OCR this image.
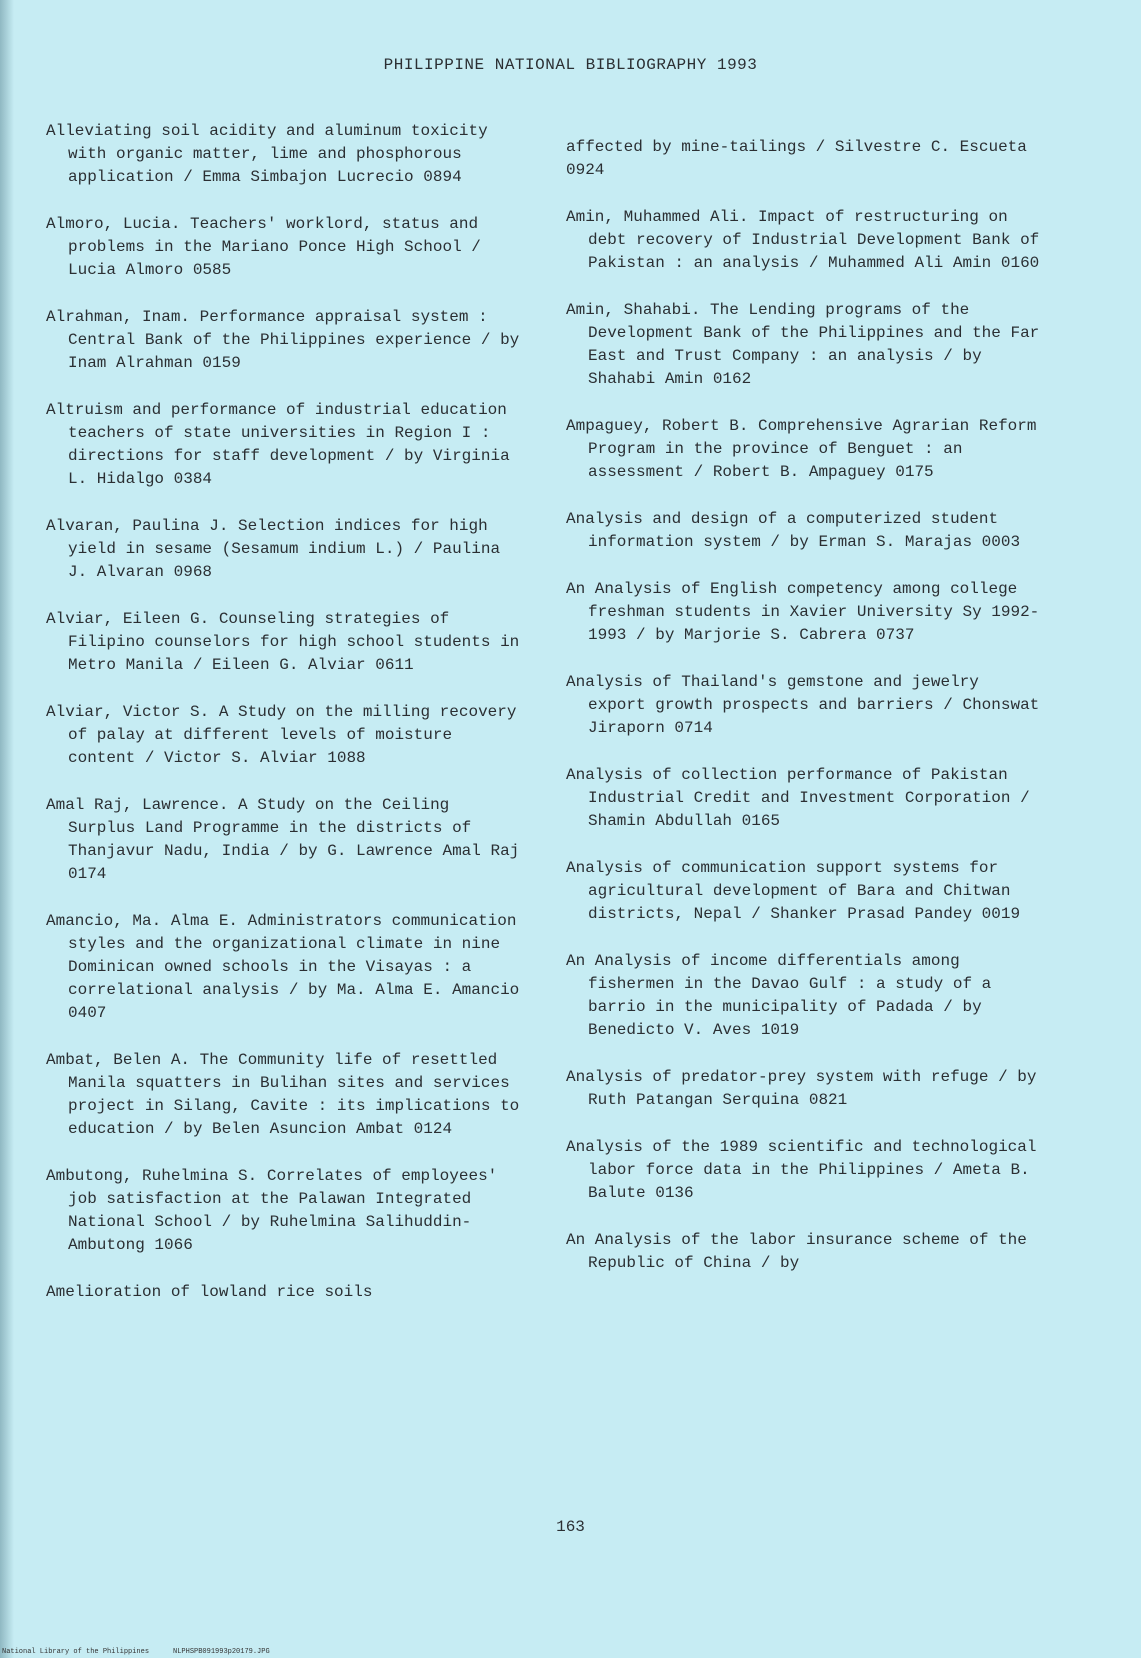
PHILIPPINE NATIONAL BIBLIOGRAPHY 1993

Alleviating soil acidity and aluminum toxicity with organic matter, lime and phosphorous application / Emma Simbajon Lucrecio 0894

Almoro, Lucia. Teachers' worklord, status and problems in the Mariano Ponce High School / Lucia Almoro 0585

Alrahman, Inam. Performance appraisal system : Central Bank of the Philippines experience / by Inam Alrahman 0159

Altruism and performance of industrial education teachers of state universities in Region I : directions for staff development / by Virginia L. Hidalgo 0384

Alvaran, Paulina J. Selection indices for high yield in sesame (Sesamum indium L.) / Paulina J. Alvaran 0968

Alviar, Eileen G. Counseling strategies of Filipino counselors for high school students in Metro Manila / Eileen G. Alviar 0611

Alviar, Victor S. A Study on the milling recovery of palay at different levels of moisture content / Victor S. Alviar 1088

Amal Raj, Lawrence. A Study on the Ceiling Surplus Land Programme in the districts of Thanjavur Nadu, India / by G. Lawrence Amal Raj 0174

Amancio, Ma. Alma E. Administrators communication styles and the organizational climate in nine Dominican owned schools in the Visayas : a correlational analysis / by Ma. Alma E. Amancio 0407

Ambat, Belen A. The Community life of resettled Manila squatters in Bulihan sites and services project in Silang, Cavite : its implications to education / by Belen Asuncion Ambat 0124

Ambutong, Ruhelmina S. Correlates of employees' job satisfaction at the Palawan Integrated National School / by Ruhelmina Salihuddin-Ambutong 1066

Amelioration of lowland rice soils

affected by mine-tailings / Silvestre C. Escueta 0924

Amin, Muhammed Ali. Impact of restructuring on debt recovery of Industrial Development Bank of Pakistan : an analysis / Muhammed Ali Amin 0160

Amin, Shahabi. The Lending programs of the Development Bank of the Philippines and the Far East and Trust Company : an analysis / by Shahabi Amin 0162

Ampaguey, Robert B. Comprehensive Agrarian Reform Program in the province of Benguet : an assessment / Robert B. Ampaguey 0175

Analysis and design of a computerized student information system / by Erman S. Marajas 0003

An Analysis of English competency among college freshman students in Xavier University Sy 1992-1993 / by Marjorie S. Cabrera 0737

Analysis of Thailand's gemstone and jewelry export growth prospects and barriers / Chonswat Jiraporn 0714

Analysis of collection performance of Pakistan Industrial Credit and Investment Corporation / Shamin Abdullah 0165

Analysis of communication support systems for agricultural development of Bara and Chitwan districts, Nepal / Shanker Prasad Pandey 0019

An Analysis of income differentials among fishermen in the Davao Gulf : a study of a barrio in the municipality of Padada / by Benedicto V. Aves 1019

Analysis of predator-prey system with refuge / by Ruth Patangan Serquina 0821

Analysis of the 1989 scientific and technological labor force data in the Philippines / Ameta B. Balute 0136

An Analysis of the labor insurance scheme of the Republic of China / by

163
National Library of the Philippines	NLPHSPB091993p20179.JPG
